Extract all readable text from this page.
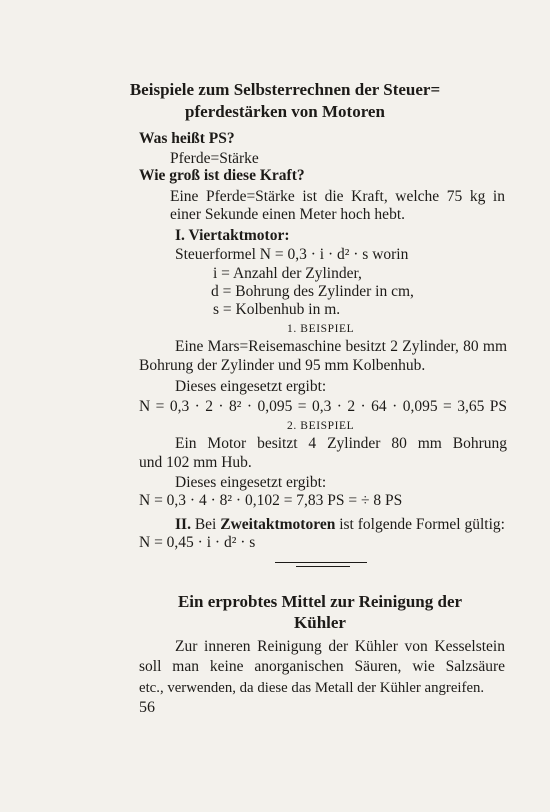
Beispiele zum Selbsterrechnen der Steuer=
pferdestärken von Motoren
Was heißt PS?
Pferde=Stärke
Wie groß ist diese Kraft?
Eine Pferde=Stärke ist die Kraft, welche 75 kg in
einer Sekunde einen Meter hoch hebt.
I. Viertaktmotor:
Steuerformel N = 0,3 · i · d² · s worin
i = Anzahl der Zylinder,
d = Bohrung des Zylinder in cm,
s = Kolbenhub in m.
1. BEISPIEL
Eine Mars=Reisemaschine besitzt 2 Zylinder, 80 mm
Bohrung der Zylinder und 95 mm Kolbenhub.
Dieses eingesetzt ergibt:
N = 0,3 · 2 · 8² · 0,095 = 0,3 · 2 · 64 · 0,095 = 3,65 PS
2. BEISPIEL
Ein Motor besitzt 4 Zylinder 80 mm Bohrung
und 102 mm Hub.
Dieses eingesetzt ergibt:
N = 0,3 · 4 · 8² · 0,102 = 7,83 PS = ÷ 8 PS
II. Bei Zweitaktmotoren ist folgende Formel gültig:
N = 0,45 · i · d² · s
Ein erprobtes Mittel zur Reinigung der
Kühler
Zur inneren Reinigung der Kühler von Kesselstein
soll man keine anorganischen Säuren, wie Salzsäure
etc., verwenden, da diese das Metall der Kühler angreifen.
56
